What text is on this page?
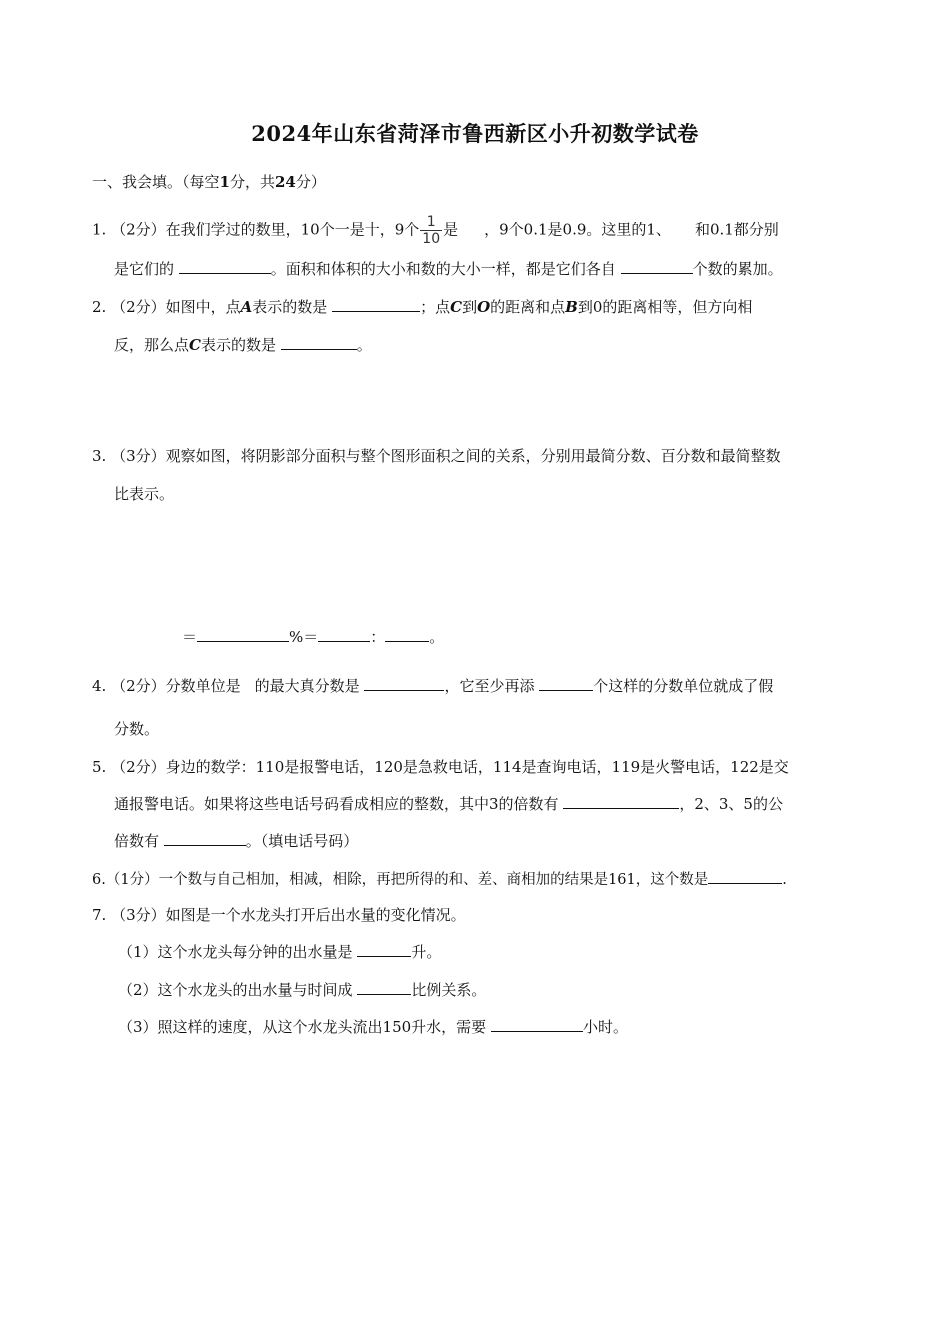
2024年山东省菏泽市鲁西新区小升初数学试卷
一、我会填。（每空1分，共24分）
1. （2分）在我们学过的数里，10个一是十，9个 $\frac{1}{10}$ 是 ，9个0.1是0.9。这里的1、 和0.1都分别
是它们的	。面积和体积的大小和数的大小一样，都是它们各自	个数的累加。
2. （2分）如图中，点A表示的数是	；点C到O的距离和点B到0的距离相等，但方向相
反，那么点C表示的数是	。
3. （3分）观察如图，将阴影部分面积与整个图形面积之间的关系，分别用最简分数、百分数和最简整数
比表示。
＝	%＝	：	。
4. （2分）分数单位是 的最大真分数是	，它至少再添	个这样的分数单位就成了假
分数。
5. （2分）身边的数学：110是报警电话，120是急救电话，114是查询电话，119是火警电话，122是交
通报警电话。如果将这些电话号码看成相应的整数，其中3的倍数有	，2、3、5的公
倍数有	。（填电话号码）
6.（1分）一个数与自己相加，相减，相除，再把所得的和、差、商相加的结果是161，这个数是	.
7. （3分）如图是一个水龙头打开后出水量的变化情况。
（1）这个水龙头每分钟的出水量是	升。
（2）这个水龙头的出水量与时间成	比例关系。
（3）照这样的速度，从这个水龙头流出150升水，需要	小时。
